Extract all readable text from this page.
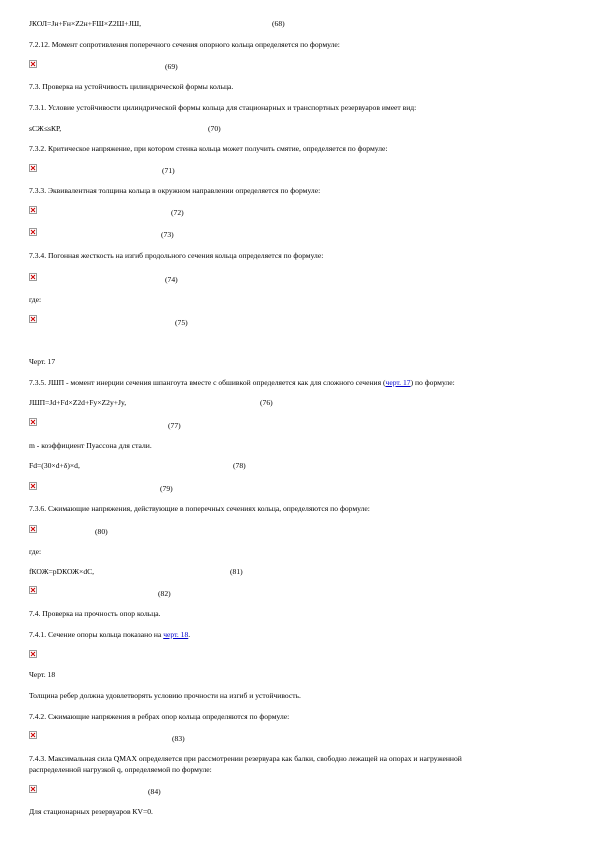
JКОЛ=Jн+Fн×Z2н+FШ×Z2Ш+JШ,	(68)
7.2.12. Момент сопротивления поперечного сечения опорного кольца определяется по формуле:
(69)
7.3. Проверка на устойчивость цилиндрической формы кольца.
7.3.1. Условие устойчивости цилиндрической формы кольца для стационарных и транспортных резервуаров имеет вид:
sCЖ≤sКР,	(70)
7.3.2. Критическое напряжение, при котором стенка кольца может получить смятие, определяется по формуле:
(71)
7.3.3. Эквивалентная толщина кольца в окружном направлении определяется по формуле:
(72)
(73)
7.3.4. Погонная жесткость на изгиб продольного сечения кольца определяется по формуле:
(74)
где:
(75)
Черт. 17
7.3.5. JШП - момент инерции сечения шпангоута вместе с обшивкой определяется как для сложного сечения (черт. 17) по формуле:
JШП=Jd+Fd×Z2d+Fy×Z2y+Jy,	(76)
(77)
m - коэффициент Пуассона для стали.
Fd=(30×d+δ)×d,	(78)
(79)
7.3.6. Сжимающие напряжения, действующие в поперечных сечениях кольца, определяются по формуле:
(80)
где:
fКОЖ=pDКОЖ×dС,	(81)
(82)
7.4. Проверка на прочность опор кольца.
7.4.1. Сечение опоры кольца показано на черт. 18.
Черт. 18
Толщина ребер должна удовлетворять условию прочности на изгиб и устойчивость.
7.4.2. Сжимающие напряжения в ребрах опор кольца определяются по формуле:
(83)
7.4.3. Максимальная сила QMAX определяется при рассмотрении резервуара как балки, свободно лежащей на опорах и нагруженной
распределенной нагрузкой q, определяемой по формуле:
(84)
Для стационарных резервуаров КV=0.
